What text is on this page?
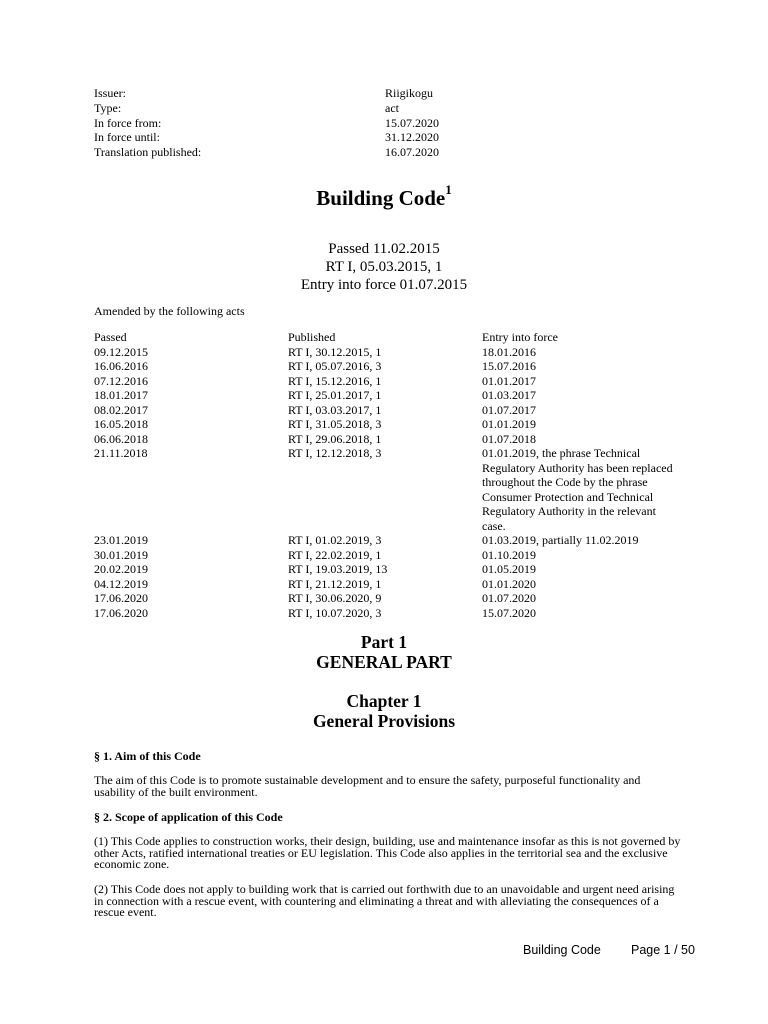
Issuer:	Riigikogu
Type:	act
In force from:	15.07.2020
In force until:	31.12.2020
Translation published:	16.07.2020
Building Code$^1$
Passed 11.02.2015
RT I, 05.03.2015, 1
Entry into force 01.07.2015
Amended by the following acts
Passed	Published	Entry into force
09.12.2015	RT I, 30.12.2015, 1	18.01.2016
16.06.2016	RT I, 05.07.2016, 3	15.07.2016
07.12.2016	RT I, 15.12.2016, 1	01.01.2017
18.01.2017	RT I, 25.01.2017, 1	01.03.2017
08.02.2017	RT I, 03.03.2017, 1	01.07.2017
16.05.2018	RT I, 31.05.2018, 3	01.01.2019
06.06.2018	RT I, 29.06.2018, 1	01.07.2018
21.11.2018	RT I, 12.12.2018, 3	01.01.2019, the phrase Technical Regulatory Authority has been replaced throughout the Code by the phrase Consumer Protection and Technical Regulatory Authority in the relevant case.
23.01.2019	RT I, 01.02.2019, 3	01.03.2019, partially 11.02.2019
30.01.2019	RT I, 22.02.2019, 1	01.10.2019
20.02.2019	RT I, 19.03.2019, 13	01.05.2019
04.12.2019	RT I, 21.12.2019, 1	01.01.2020
17.06.2020	RT I, 30.06.2020, 9	01.07.2020
17.06.2020	RT I, 10.07.2020, 3	15.07.2020
Part 1
GENERAL PART
Chapter 1
General Provisions
§ 1. Aim of this Code
The aim of this Code is to promote sustainable development and to ensure the safety, purposeful functionality and usability of the built environment.
§ 2. Scope of application of this Code
(1) This Code applies to construction works, their design, building, use and maintenance insofar as this is not governed by other Acts, ratified international treaties or EU legislation. This Code also applies in the territorial sea and the exclusive economic zone.
(2) This Code does not apply to building work that is carried out forthwith due to an unavoidable and urgent need arising in connection with a rescue event, with countering and eliminating a threat and with alleviating the consequences of a rescue event.
Building Code Page 1 / 50
